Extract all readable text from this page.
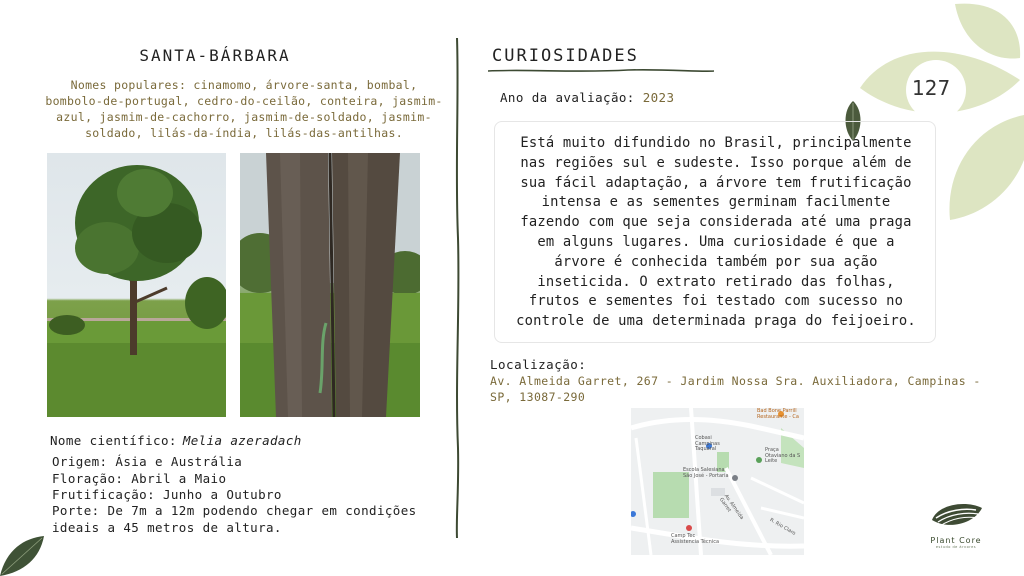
SANTA-BÁRBARA
Nomes populares: cinamomo, árvore-santa, bombal, bombolo-de-portugal, cedro-do-ceilão, conteira, jasmim-azul, jasmim-de-cachorro, jasmim-de-soldado, jasmim-soldado, lilás-da-índia, lilás-das-antilhas.
Nome científico: Melia azeradach
Origem: Ásia e Austrália
Floração: Abril a Maio
Frutificação: Junho a Outubro
Porte: De 7m a 12m podendo chegar em condições
ideais a 45 metros de altura.
CURIOSIDADES
Ano da avaliação: 2023
Está muito difundido no Brasil, principalmente nas regiões sul e sudeste. Isso porque além de sua fácil adaptação, a árvore tem frutificação intensa e as sementes germinam facilmente fazendo com que seja considerada até uma praga em alguns lugares. Uma curiosidade é que a árvore é conhecida também por sua ação inseticida. O extrato retirado das folhas, frutos e sementes foi testado com sucesso no controle de uma determinada praga do feijoeiro.
Localização:
Av. Almeida Garret, 267 - Jardim Nossa Sra. Auxiliadora, Campinas - SP, 13087-290
Bad Bone Parrill Restaurante - Ca
Cobasi Campinas Taquaral	Praça Otaviano da S Leite
Escola Salesiana São José - Portaria
Camp Tec Assistencia Técnica
Av. Almeida Garret
R. Rio Claro
127
Plant Core
estudo de árvores
